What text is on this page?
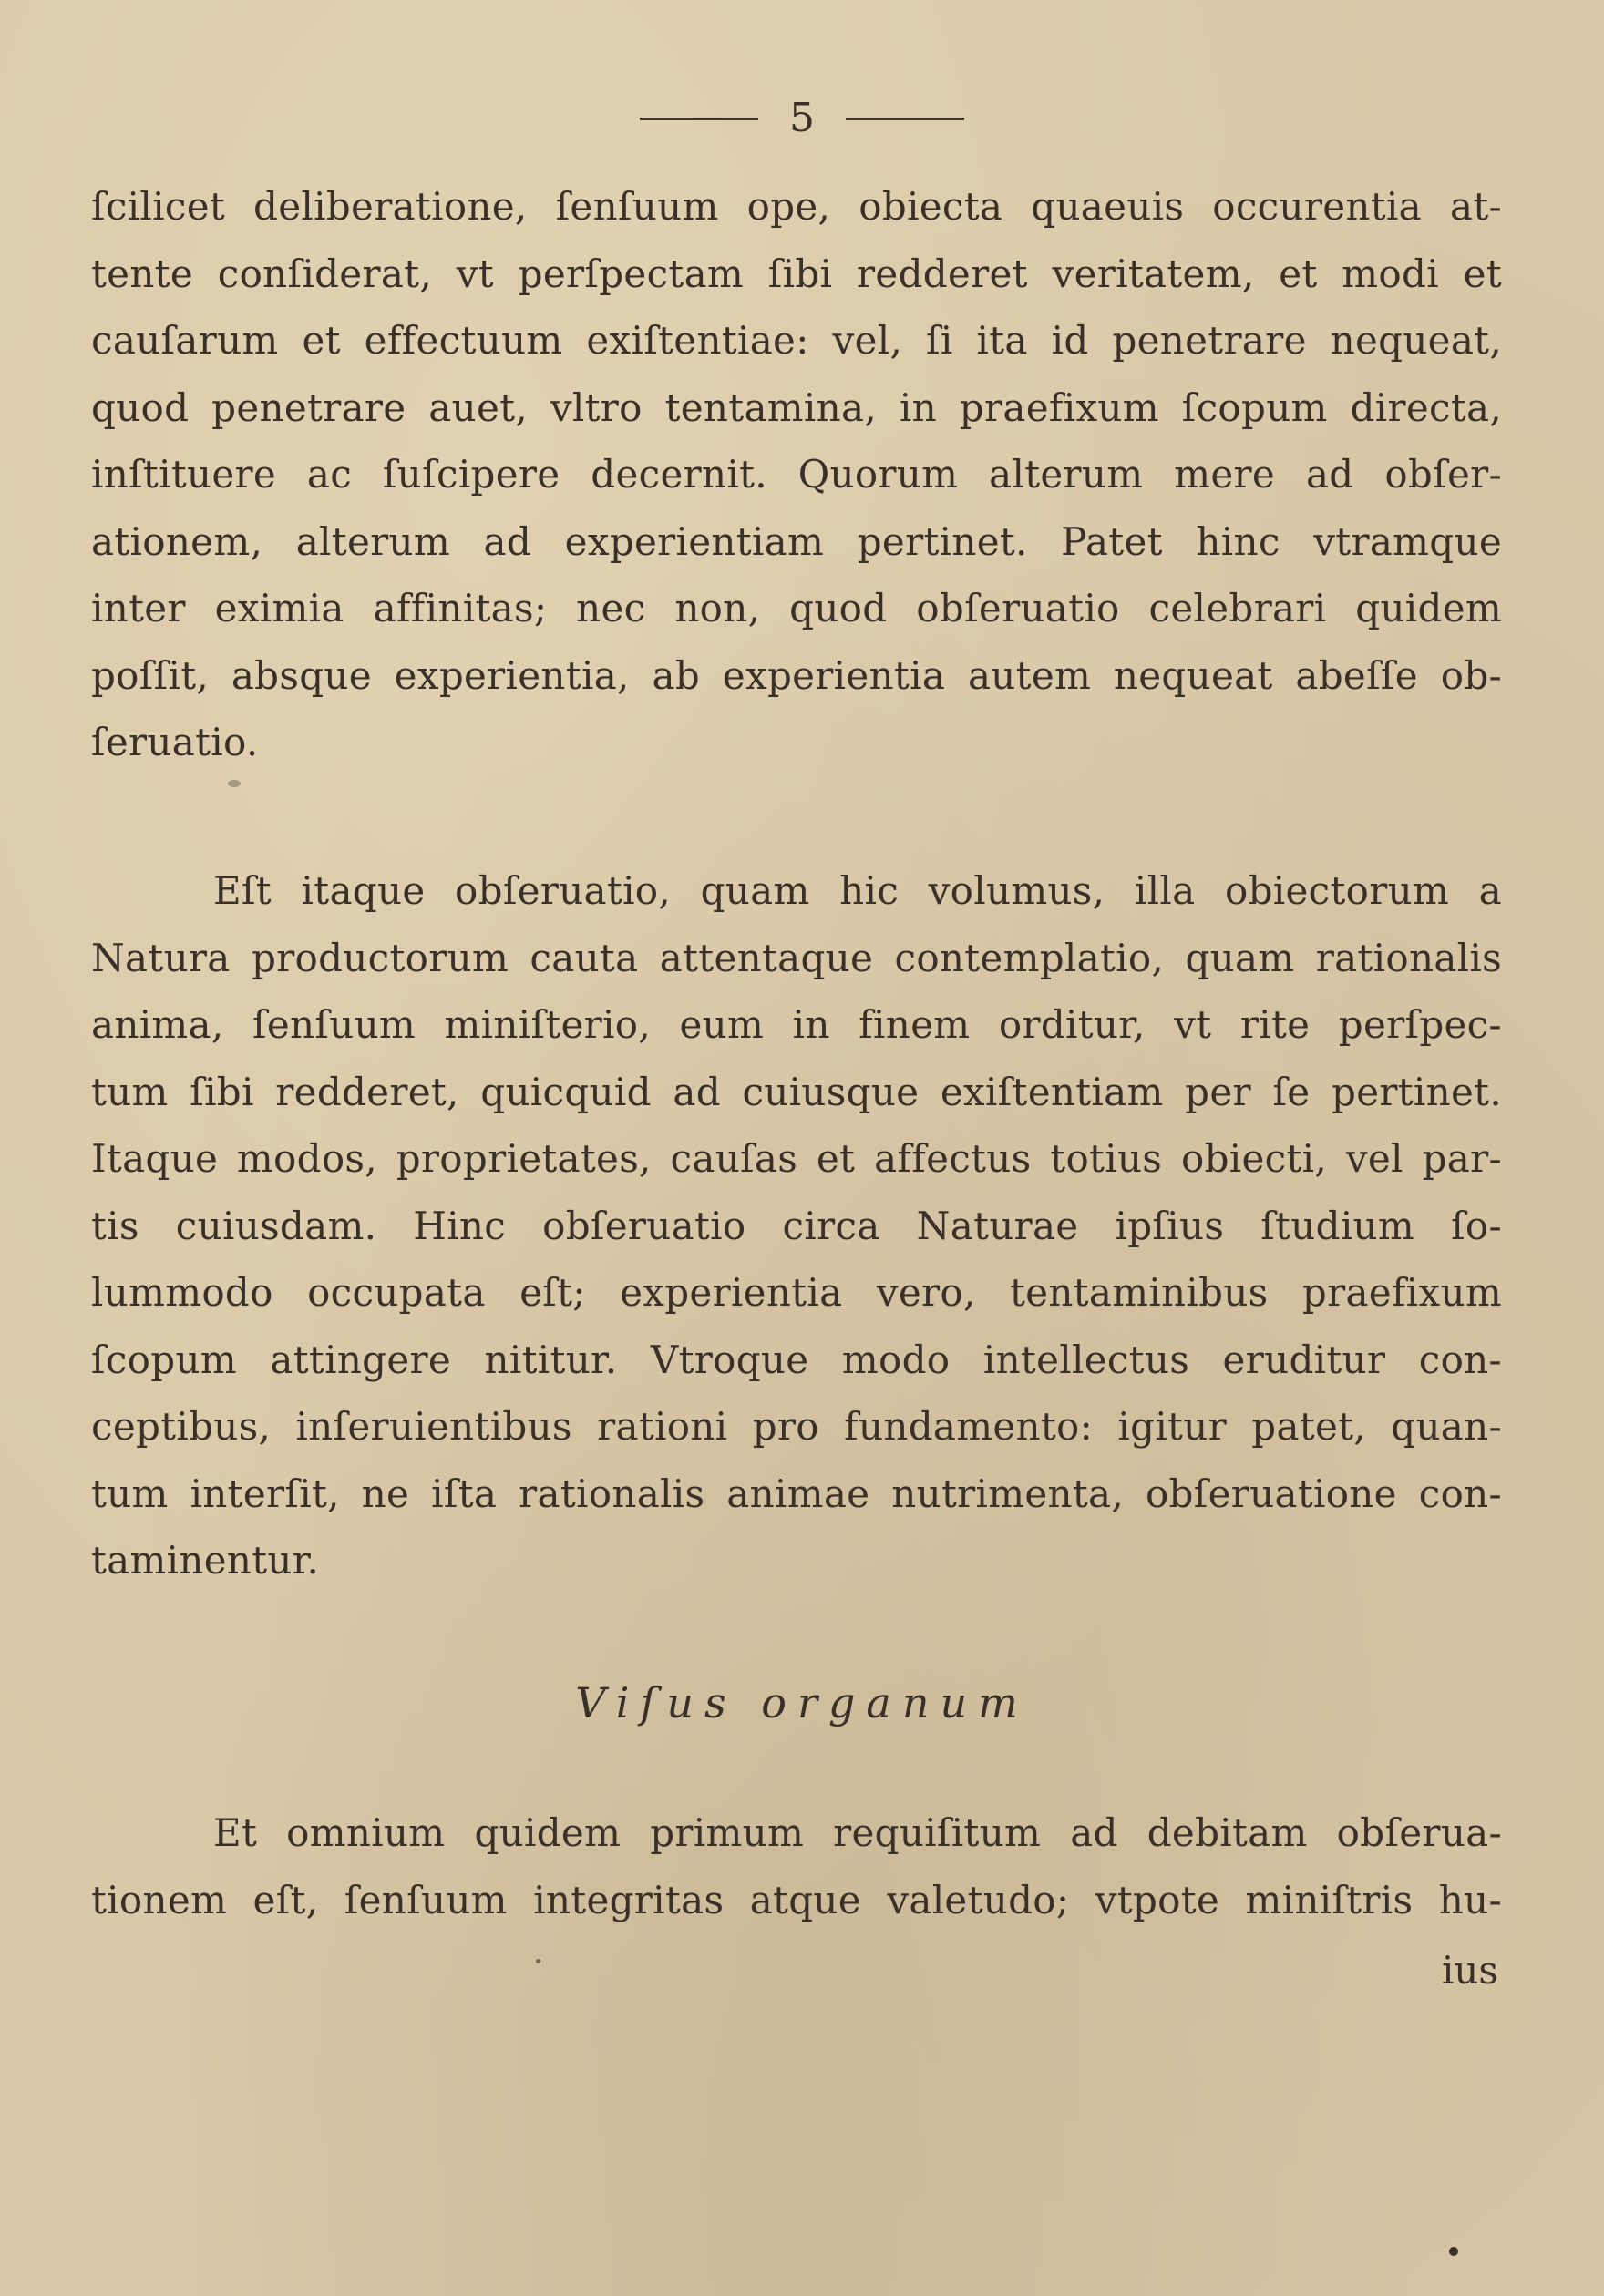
5
ſcilicet deliberatione, ſenſuum ope, obiecta quaeuis occurentia at-
tente conſiderat, vt perſpectam ſibi redderet veritatem, et modi et
cauſarum et effectuum exiſtentiae: vel, ſi ita id penetrare nequeat,
quod penetrare auet, vltro tentamina, in praefixum ſcopum directa,
inſtituere ac ſuſcipere decernit. Quorum alterum mere ad obſer-
ationem, alterum ad experientiam pertinet. Patet hinc vtramque
inter eximia affinitas; nec non, quod obſeruatio celebrari quidem
poſſit, absque experientia, ab experientia autem nequeat abeſſe ob-
ſeruatio.
Eſt itaque obſeruatio, quam hic volumus, illa obiectorum a
Natura productorum cauta attentaque contemplatio, quam rationalis
anima, ſenſuum miniſterio, eum in finem orditur, vt rite perſpec-
tum ſibi redderet, quicquid ad cuiusque exiſtentiam per ſe pertinet.
Itaque modos, proprietates, cauſas et affectus totius obiecti, vel par-
tis cuiusdam. Hinc obſeruatio circa Naturae ipſius ſtudium ſo-
lummodo occupata eſt; experientia vero, tentaminibus praefixum
ſcopum attingere nititur. Vtroque modo intellectus eruditur con-
ceptibus, inſeruientibus rationi pro fundamento: igitur patet, quan-
tum interſit, ne iſta rationalis animae nutrimenta, obſeruatione con-
taminentur.
Viſus organum
Et omnium quidem primum requiſitum ad debitam obſerua-
tionem eſt, ſenſuum integritas atque valetudo; vtpote miniſtris hu-
ius
